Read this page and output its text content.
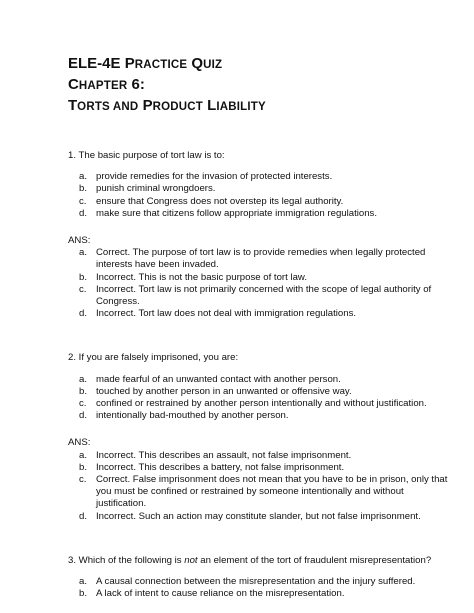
ELE-4E PRACTICE QUIZ
CHAPTER 6:
TORTS AND PRODUCT LIABILITY

1. The basic purpose of tort law is to:

a. provide remedies for the invasion of protected interests.
b. punish criminal wrongdoers.
c. ensure that Congress does not overstep its legal authority.
d. make sure that citizens follow appropriate immigration regulations.

ANS:

a. Correct. The purpose of tort law is to provide remedies when legally protected interests have been invaded.
b. Incorrect. This is not the basic purpose of tort law.
c. Incorrect. Tort law is not primarily concerned with the scope of legal authority of Congress.
d. Incorrect. Tort law does not deal with immigration regulations.

2. If you are falsely imprisoned, you are:

a. made fearful of an unwanted contact with another person.
b. touched by another person in an unwanted or offensive way.
c. confined or restrained by another person intentionally and without justification.
d. intentionally bad-mouthed by another person.

ANS:

a. Incorrect. This describes an assault, not false imprisonment.
b. Incorrect. This describes a battery, not false imprisonment.
c. Correct. False imprisonment does not mean that you have to be in prison, only that you must be confined or restrained by someone intentionally and without justification.
d. Incorrect. Such an action may constitute slander, but not false imprisonment.

3. Which of the following is not an element of the tort of fraudulent misrepresentation?

a. A causal connection between the misrepresentation and the injury suffered.
b. A lack of intent to cause reliance on the misrepresentation.
